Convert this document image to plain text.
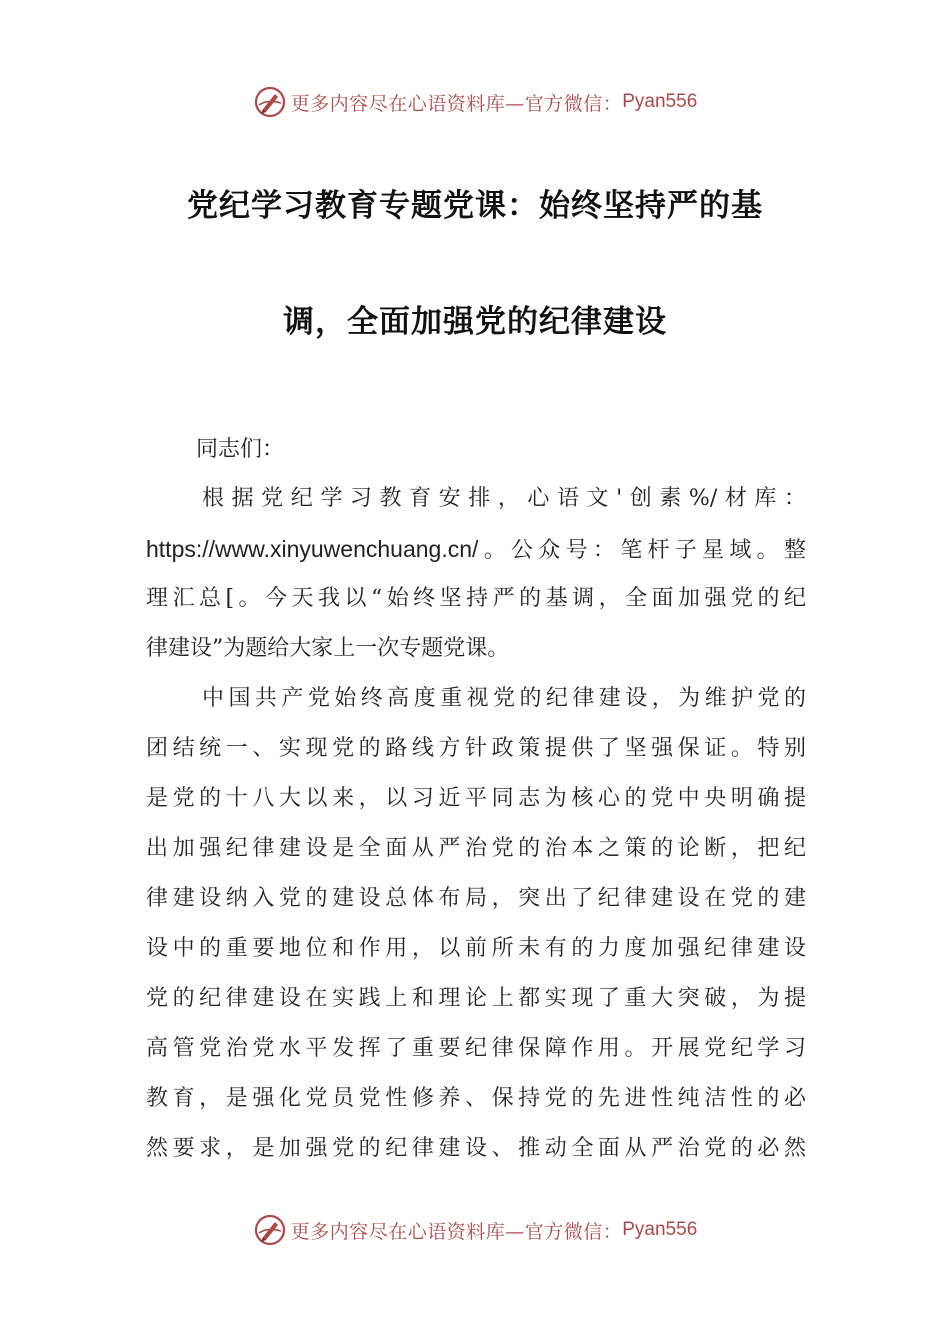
更多内容尽在心语资料库—官方微信： Pyan556
党纪学习教育专题党课：始终坚持严的基
调，全面加强党的纪律建设
同志们：
根据党纪学习教育安排，心语文'创素%/材库：
https://www.xinyuwenchuang.cn/。公众号：笔杆子星域。整
理汇总[。今天我以“始终坚持严的基调，全面加强党的纪
律建设”为题给大家上一次专题党课。
中国共产党始终高度重视党的纪律建设，为维护党的
团结统一、实现党的路线方针政策提供了坚强保证。特别
是党的十八大以来，以习近平同志为核心的党中央明确提
出加强纪律建设是全面从严治党的治本之策的论断，把纪
律建设纳入党的建设总体布局，突出了纪律建设在党的建
设中的重要地位和作用，以前所未有的力度加强纪律建设
党的纪律建设在实践上和理论上都实现了重大突破，为提
高管党治党水平发挥了重要纪律保障作用。开展党纪学习
教育，是强化党员党性修养、保持党的先进性纯洁性的必
然要求，是加强党的纪律建设、推动全面从严治党的必然
更多内容尽在心语资料库—官方微信： Pyan556
